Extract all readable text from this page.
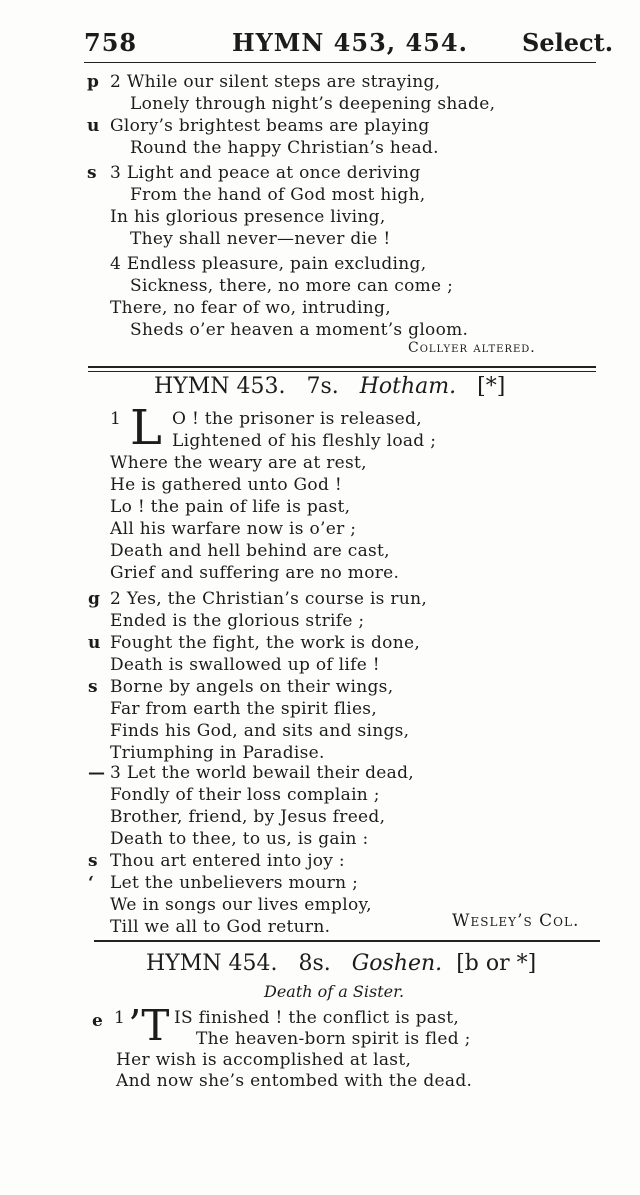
758	HYMN 453, 454. Select.
p 2 While our silent steps are straying,
Lonely through night’s deepening shade,
u Glory’s brightest beams are playing
Round the happy Christian’s head.
s 3 Light and peace at once deriving
From the hand of God most high,
In his glorious presence living,
They shall never—never die !
4 Endless pleasure, pain excluding,
Sickness, there, no more can come ;
There, no fear of wo, intruding,
Sheds o’er heaven a moment’s gloom.
Collyer altered.
HYMN 453. 7s. Hotham. [*]
1 L O ! the prisoner is released,
Lightened of his fleshly load ;
Where the weary are at rest,
He is gathered unto God !
Lo ! the pain of life is past,
All his warfare now is o’er ;
Death and hell behind are cast,
Grief and suffering are no more.
g 2 Yes, the Christian’s course is run,
Ended is the glorious strife ;
u Fought the fight, the work is done,
Death is swallowed up of life !
s Borne by angels on their wings,
Far from earth the spirit flies,
Finds his God, and sits and sings,
Triumphing in Paradise.
— 3 Let the world bewail their dead,
Fondly of their loss complain ;
Brother, friend, by Jesus freed,
Death to thee, to us, is gain :
s Thou art entered into joy :
‘ Let the unbelievers mourn ;
We in songs our lives employ,
Till we all to God return.	Wesley’s Col.
HYMN 454. 8s. Goshen. [b or *]
Death of a Sister.
e 1 ’T IS finished ! the conflict is past,
The heaven-born spirit is fled ;
Her wish is accomplished at last,
And now she’s entombed with the dead.
